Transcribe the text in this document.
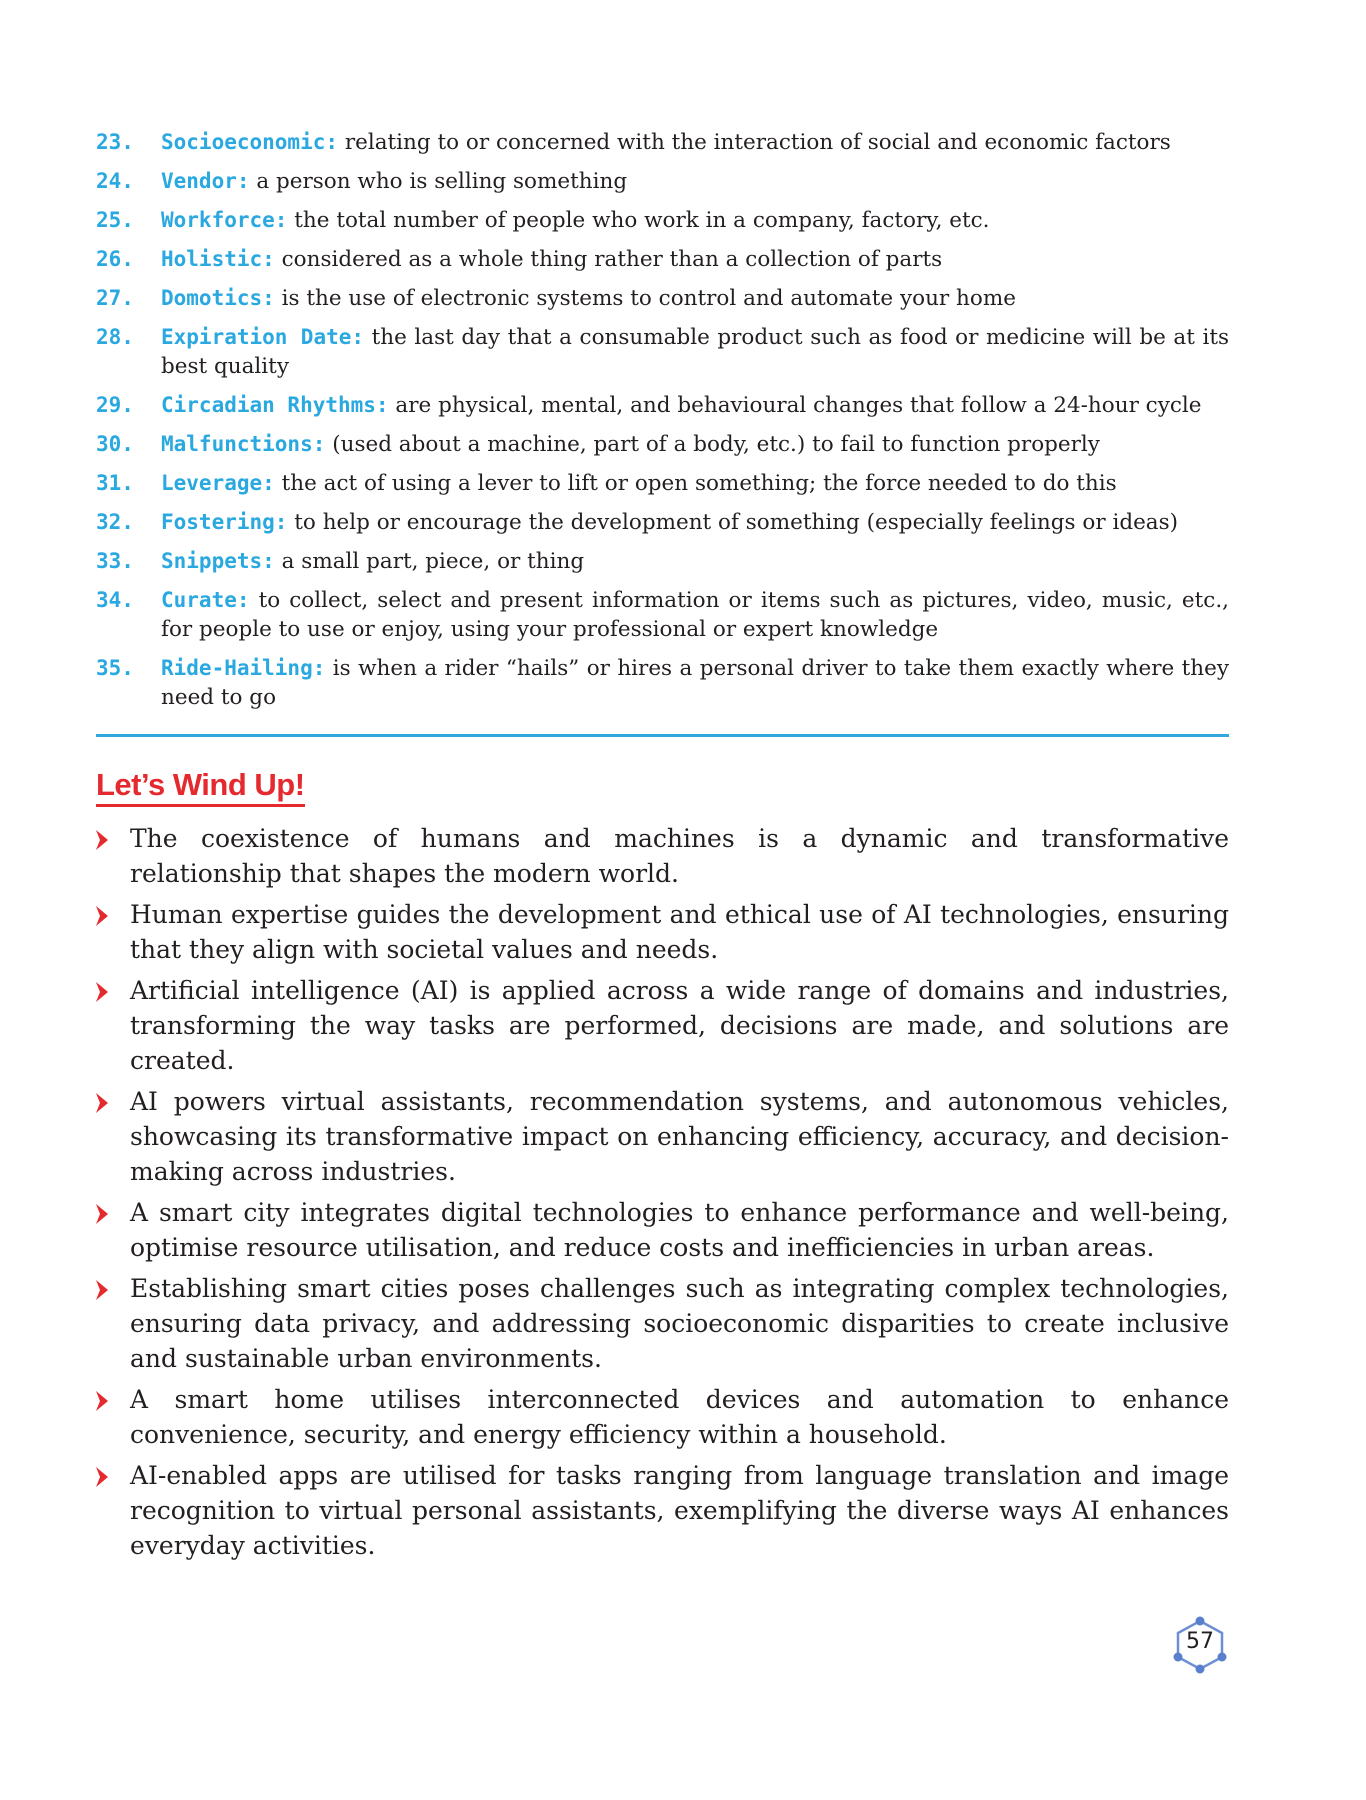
23.	Socioeconomic: relating to or concerned with the interaction of social and economic factors
24.	Vendor: a person who is selling something
25.	Workforce: the total number of people who work in a company, factory, etc.
26.	Holistic: considered as a whole thing rather than a collection of parts
27.	Domotics: is the use of electronic systems to control and automate your home
28.	Expiration Date: the last day that a consumable product such as food or medicine will be at its best quality
29.	Circadian Rhythms: are physical, mental, and behavioural changes that follow a 24-hour cycle
30.	Malfunctions: (used about a machine, part of a body, etc.) to fail to function properly
31.	Leverage: the act of using a lever to lift or open something; the force needed to do this
32.	Fostering: to help or encourage the development of something (especially feelings or ideas)
33.	Snippets: a small part, piece, or thing
34.	Curate: to collect, select and present information or items such as pictures, video, music, etc., for people to use or enjoy, using your professional or expert knowledge
35.	Ride-Hailing: is when a rider “hails” or hires a personal driver to take them exactly where they need to go
Let’s Wind Up!
The coexistence of humans and machines is a dynamic and transformative relationship that shapes the modern world.
Human expertise guides the development and ethical use of AI technologies, ensuring that they align with societal values and needs.
Artificial intelligence (AI) is applied across a wide range of domains and industries, transforming the way tasks are performed, decisions are made, and solutions are created.
AI powers virtual assistants, recommendation systems, and autonomous vehicles, showcasing its transformative impact on enhancing efficiency, accuracy, and decision-making across industries.
A smart city integrates digital technologies to enhance performance and well-being, optimise resource utilisation, and reduce costs and inefficiencies in urban areas.
Establishing smart cities poses challenges such as integrating complex technologies, ensuring data privacy, and addressing socioeconomic disparities to create inclusive and sustainable urban environments.
A smart home utilises interconnected devices and automation to enhance convenience, security, and energy efficiency within a household.
AI-enabled apps are utilised for tasks ranging from language translation and image recognition to virtual personal assistants, exemplifying the diverse ways AI enhances everyday activities.
57
